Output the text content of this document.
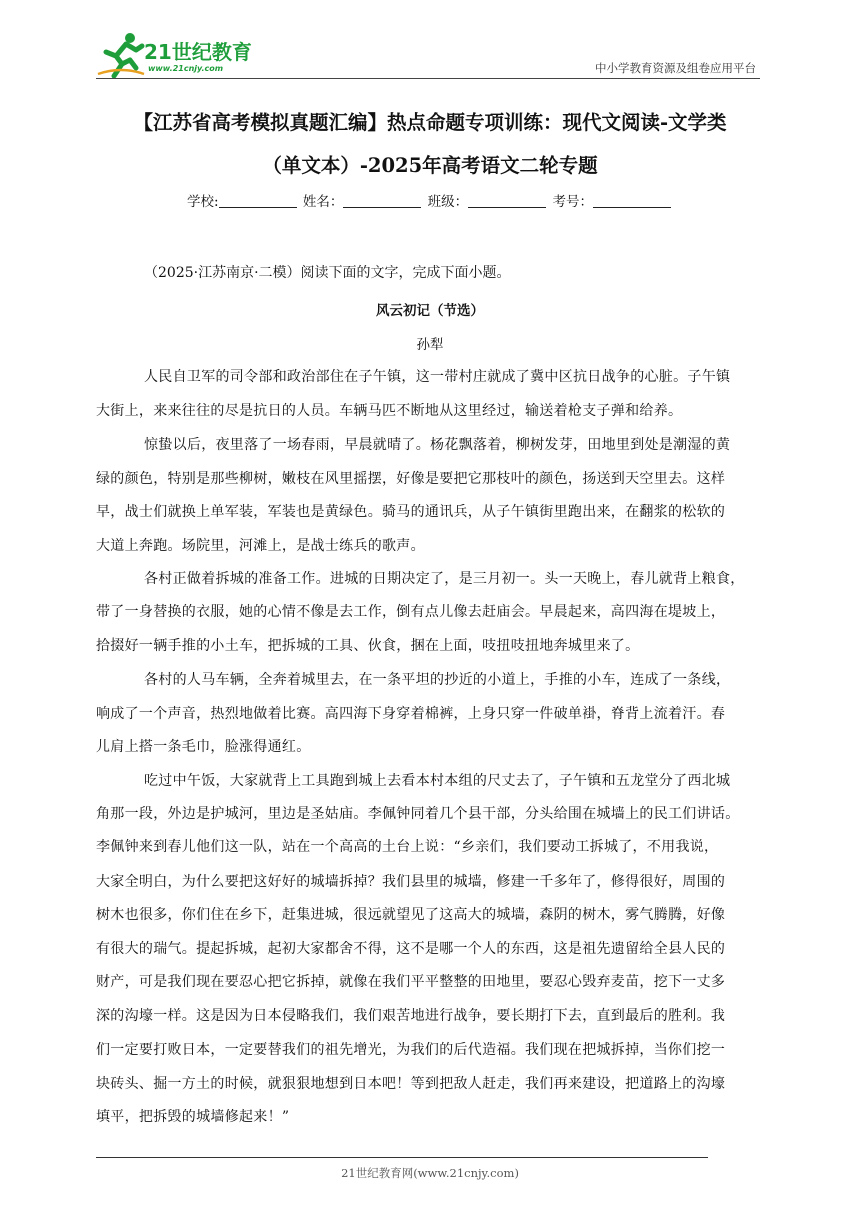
21世纪教育
www.21cnjy.com	中小学教育资源及组卷应用平台
【江苏省高考模拟真题汇编】热点命题专项训练：现代文阅读-文学类
（单文本）-2025年高考语文二轮专题
学校:	姓名：	班级：	考号：
（2025·江苏南京·二模）阅读下面的文字，完成下面小题。
风云初记（节选）
孙犁
人民自卫军的司令部和政治部住在子午镇，这一带村庄就成了冀中区抗日战争的心脏。子午镇
大街上，来来往往的尽是抗日的人员。车辆马匹不断地从这里经过，输送着枪支子弹和给养。
惊蛰以后，夜里落了一场春雨，早晨就晴了。杨花飘落着，柳树发芽，田地里到处是潮湿的黄
绿的颜色，特别是那些柳树，嫩枝在风里摇摆，好像是要把它那枝叶的颜色，扬送到天空里去。这样
早，战士们就换上单军装，军装也是黄绿色。骑马的通讯兵，从子午镇街里跑出来，在翻浆的松软的
大道上奔跑。场院里，河滩上，是战士练兵的歌声。
各村正做着拆城的准备工作。进城的日期决定了，是三月初一。头一天晚上，春儿就背上粮食，
带了一身替换的衣服，她的心情不像是去工作，倒有点儿像去赶庙会。早晨起来，高四海在堤坡上，
拾掇好一辆手推的小土车，把拆城的工具、伙食，捆在上面，吱扭吱扭地奔城里来了。
各村的人马车辆，全奔着城里去，在一条平坦的抄近的小道上，手推的小车，连成了一条线，
响成了一个声音，热烈地做着比赛。高四海下身穿着棉裤，上身只穿一件破单褂，脊背上流着汗。春
儿肩上搭一条毛巾，脸涨得通红。
吃过中午饭，大家就背上工具跑到城上去看本村本组的尺丈去了，子午镇和五龙堂分了西北城
角那一段，外边是护城河，里边是圣姑庙。李佩钟同着几个县干部，分头给围在城墙上的民工们讲话。
李佩钟来到春儿他们这一队，站在一个高高的土台上说：“乡亲们，我们要动工拆城了，不用我说，
大家全明白，为什么要把这好好的城墙拆掉？我们县里的城墙，修建一千多年了，修得很好，周围的
树木也很多，你们住在乡下，赶集进城，很远就望见了这高大的城墙，森阴的树木，雾气腾腾，好像
有很大的瑞气。提起拆城，起初大家都舍不得，这不是哪一个人的东西，这是祖先遗留给全县人民的
财产，可是我们现在要忍心把它拆掉，就像在我们平平整整的田地里，要忍心毁弃麦苗，挖下一丈多
深的沟壕一样。这是因为日本侵略我们，我们艰苦地进行战争，要长期打下去，直到最后的胜利。我
们一定要打败日本，一定要替我们的祖先增光，为我们的后代造福。我们现在把城拆掉，当你们挖一
块砖头、掘一方土的时候，就狠狠地想到日本吧！等到把敌人赶走，我们再来建设，把道路上的沟壕
填平，把拆毁的城墙修起来！”
21世纪教育网(www.21cnjy.com)
